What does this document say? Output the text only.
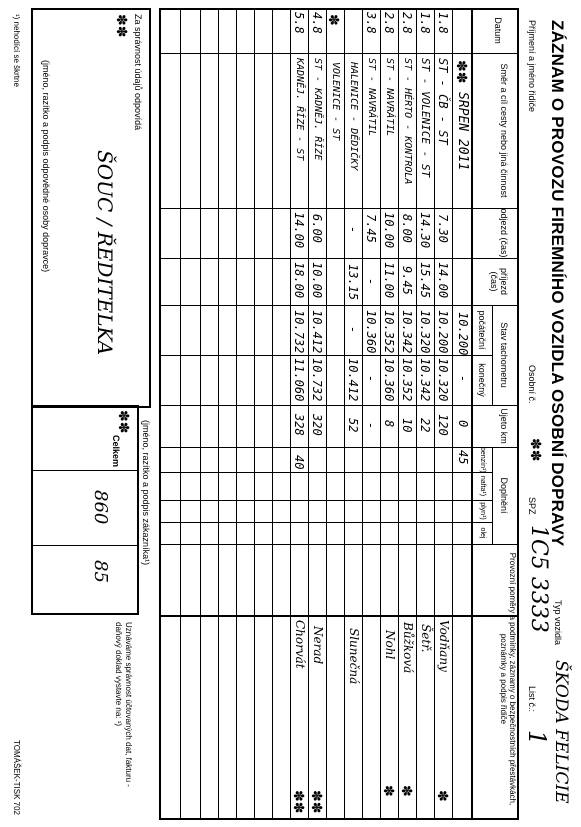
ZÁZNAM O PROVOZU FIREMNÍHO VOZIDLA OSOBNÍ DOPRAVY
Typ vozidla
ŠKODA FELICIE
Příjmení a jméno řidiče
Osobní č.
✽✽
SPZ
1C5 3333
List č.:
1
Datum
Směr a cíl cesty nebo jiná činnost
odjezd (čas)
příjezd (čas)
Stav tachometru
počáteční
konečný
Ujeto km
Doplnění
benzín¹)
nafta¹)
plyn¹)
olej
Provozní poměry a podmínky, záznamy o bezpečnostních přestávkách, poznámky a podpis řidiče
✽✽
SRPEN 2011
10.200
-
0
45
1.8
ST - ČB - ST
7.30
14.00
10.200
10.320
120
Vodňany
✽
1.8
ST - VOLENICE - ST
14.30
15.45
10.320
10.342
22
Šetř.
2.8
ST - HÉRTO - KONTROLA
8.00
9.45
10.342
10.352
10
Bůžková
✽
2.8
ST - NAVRÁTIL
10.00
11.00
10.352
10.360
8
Nohl
✽
3.8
ST - NAVRÁTIL
7.45
-
10.360
-
-
HALENICE - DĚDIČKY
-
13.15
-
10.412
52
Slunečná
VOLENICE - ST
✽
4.8
ST - KADNĚJ. ŘÍZE
6.00
10.00
10.412
10.732
320
Nerad
✽✽
5.8
KADNĚJ. ŘÍZE - ST
14.00
18.00
10.732
11.060
328
40
Chorvát
✽✽
Za správnost údajů odpovídá
✽✽
ŠOUC / ŘEDITELKA
(jméno, razítko a podpis odpovědné osoby dopravce)
(jméno, razítko a podpis zákazníka¹)
✽✽
Celkem
860
85
Uznáváme správnost účtovaných dat, fakturu - daňový doklad vystavte na: ¹)
¹) nehodící se škrtne
TOMÁŠEK-TISK 702
